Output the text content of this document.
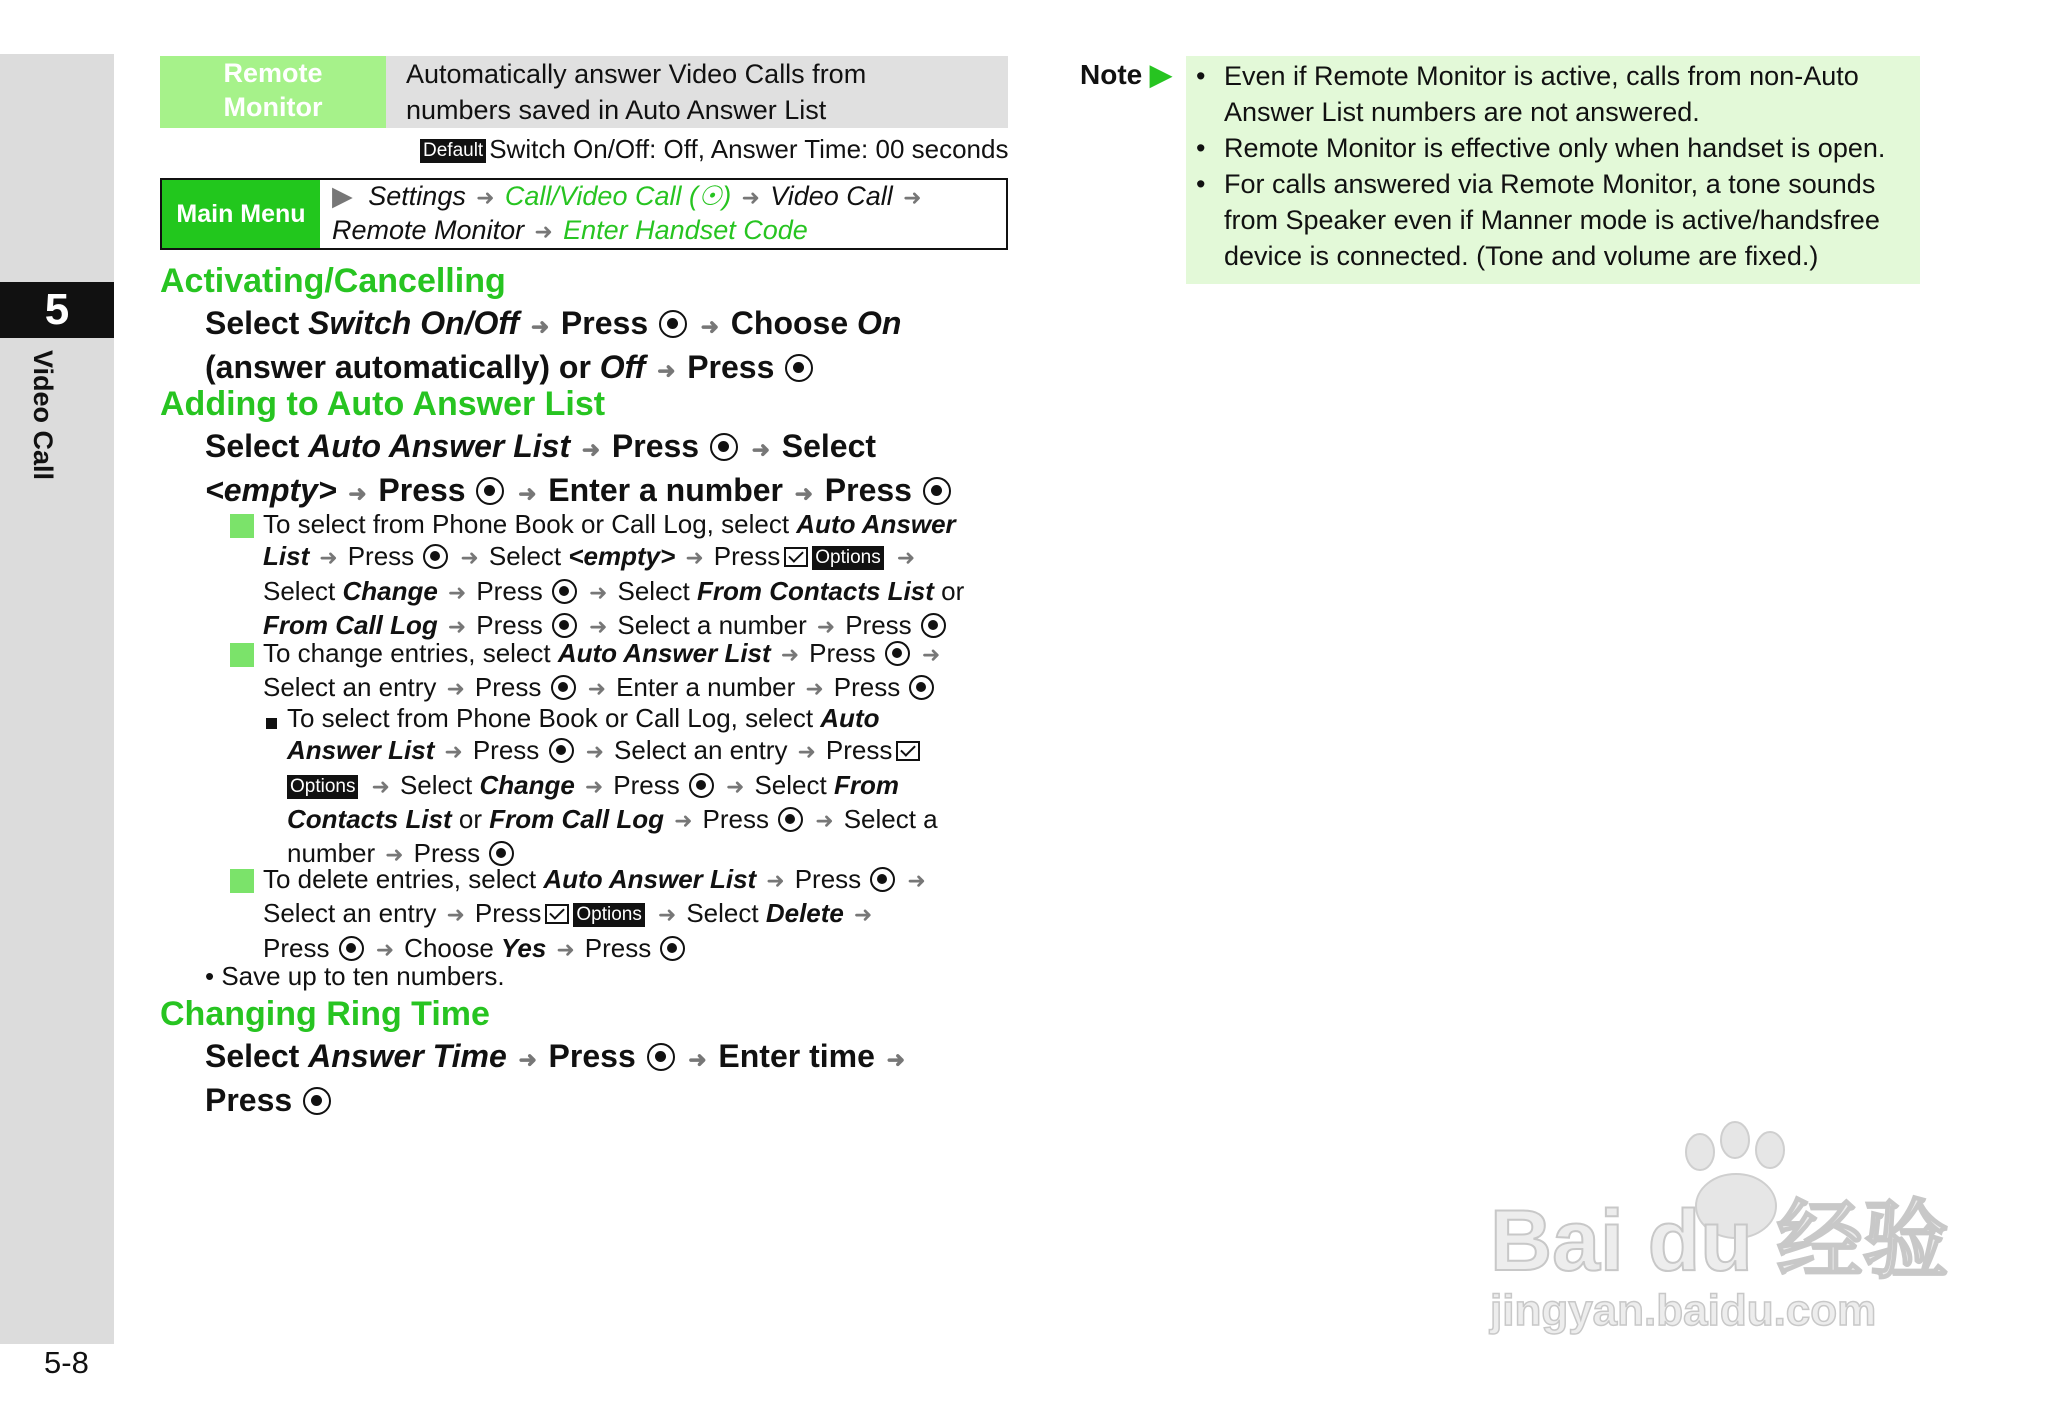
5
Video Call
5-8
Remote
Monitor
Automatically answer Video Calls from
numbers saved in Auto Answer List
Default Switch On/Off: Off, Answer Time: 00 seconds
Main Menu
▶ Settings ➜ Call/Video Call (☉) ➜ Video Call ➜
Remote Monitor ➜ Enter Handset Code
Activating/Cancelling
Select Switch On/Off ➜ Press ➜ Choose On
(answer automatically) or Off ➜ Press
Adding to Auto Answer List
Select Auto Answer List ➜ Press ➜ Select
<empty> ➜ Press ➜ Enter a number ➜ Press
To select from Phone Book or Call Log, select Auto Answer
List ➜ Press ➜ Select <empty> ➜ Press Options ➜
Select Change ➜ Press ➜ Select From Contacts List or
From Call Log ➜ Press ➜ Select a number ➜ Press
To change entries, select Auto Answer List ➜ Press ➜
Select an entry ➜ Press ➜ Enter a number ➜ Press
To select from Phone Book or Call Log, select Auto
Answer List ➜ Press ➜ Select an entry ➜ Press
Options ➜ Select Change ➜ Press ➜ Select From
Contacts List or From Call Log ➜ Press ➜ Select a
number ➜ Press
To delete entries, select Auto Answer List ➜ Press ➜
Select an entry ➜ Press Options ➜ Select Delete ➜
Press ➜ Choose Yes ➜ Press
• Save up to ten numbers.
Changing Ring Time
Select Answer Time ➜ Press ➜ Enter time ➜
Press
Note ▶ • Even if Remote Monitor is active, calls from non-Auto
Answer List numbers are not answered.
• Remote Monitor is effective only when handset is open.
• For calls answered via Remote Monitor, a tone sounds
from Speaker even if Manner mode is active/handsfree
device is connected. (Tone and volume are fixed.)
Bai du 经验
jingyan.baidu.com
